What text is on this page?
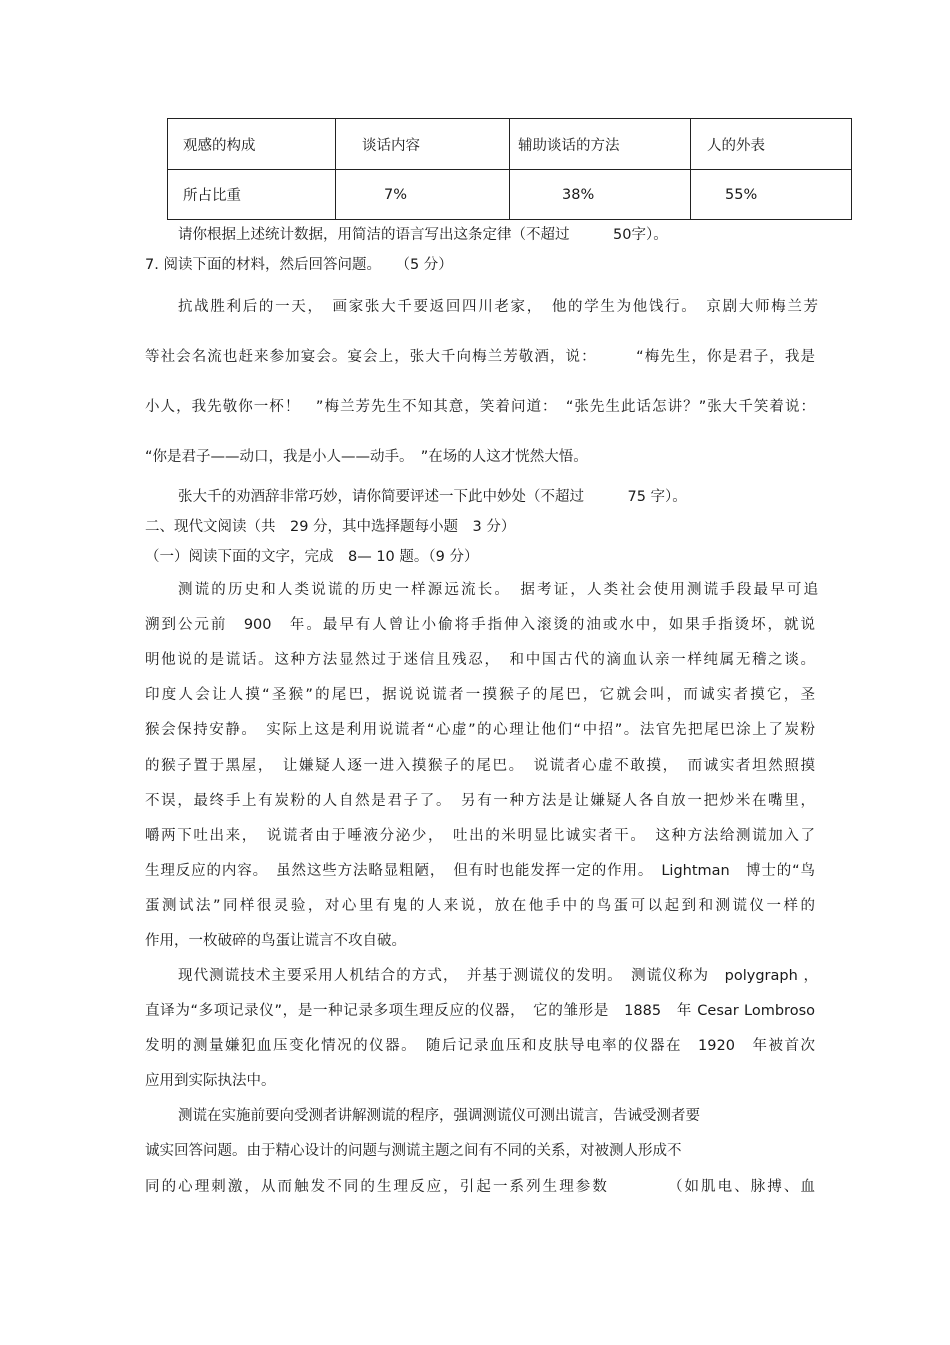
观感的构成	谈话内容	辅助谈话的方法	人的外表
所占比重	7%	38%	55%
请你根据上述统计数据，用简洁的语言写出这条定律（不超过　　　50字）。
7. 阅读下面的材料，然后回答问题。　　（5 分）
抗战胜利后的一天，　画家张大千要返回四川老家，　他的学生为他饯行。　京剧大师梅兰芳
等社会名流也赶来参加宴会。宴会上，张大千向梅兰芳敬酒，说：　　　“梅先生，你是君子，我是
小人，我先敬你一杯！　”梅兰芳先生不知其意，笑着问道：　“张先生此话怎讲？”张大千笑着说：
“你是君子——动口，我是小人——动手。　”在场的人这才恍然大悟。
张大千的劝酒辞非常巧妙，请你简要评述一下此中妙处（不超过　　　75 字）。
二、现代文阅读（共　29 分，其中选择题每小题　3 分）
（一）阅读下面的文字，完成　8— 10 题。（9 分）
测谎的历史和人类说谎的历史一样源远流长。　据考证，人类社会使用测谎手段最早可追
溯到公元前　900　年。最早有人曾让小偷将手指伸入滚烫的油或水中，如果手指烫坏，就说
明他说的是谎话。这种方法显然过于迷信且残忍，　和中国古代的滴血认亲一样纯属无稽之谈。
印度人会让人摸“圣猴”的尾巴，据说说谎者一摸猴子的尾巴，它就会叫，而诚实者摸它，圣
猴会保持安静。　实际上这是利用说谎者“心虚”的心理让他们“中招”。法官先把尾巴涂上了炭粉
的猴子置于黑屋，　让嫌疑人逐一进入摸猴子的尾巴。　说谎者心虚不敢摸，　而诚实者坦然照摸
不误，最终手上有炭粉的人自然是君子了。　另有一种方法是让嫌疑人各自放一把炒米在嘴里，
嚼两下吐出来，　说谎者由于唾液分泌少，　吐出的米明显比诚实者干。　这种方法给测谎加入了
生理反应的内容。　虽然这些方法略显粗陋，　但有时也能发挥一定的作用。　Lightman　博士的“鸟
蛋测试法”同样很灵验，对心里有鬼的人来说，放在他手中的鸟蛋可以起到和测谎仪一样的
作用，一枚破碎的鸟蛋让谎言不攻自破。
现代测谎技术主要采用人机结合的方式，　并基于测谎仪的发明。　测谎仪称为　polygraph ，
直译为“多项记录仪”，是一种记录多项生理反应的仪器，　它的雏形是　1885　年 Cesar Lombroso
发明的测量嫌犯血压变化情况的仪器。　随后记录血压和皮肤导电率的仪器在　1920　年被首次
应用到实际执法中。
测谎在实施前要向受测者讲解测谎的程序，强调测谎仪可测出谎言，告诫受测者要
诚实回答问题。由于精心设计的问题与测谎主题之间有不同的关系，对被测人形成不
同的心理刺激，从而触发不同的生理反应，引起一系列生理参数　　　　（如肌电、脉搏、血
